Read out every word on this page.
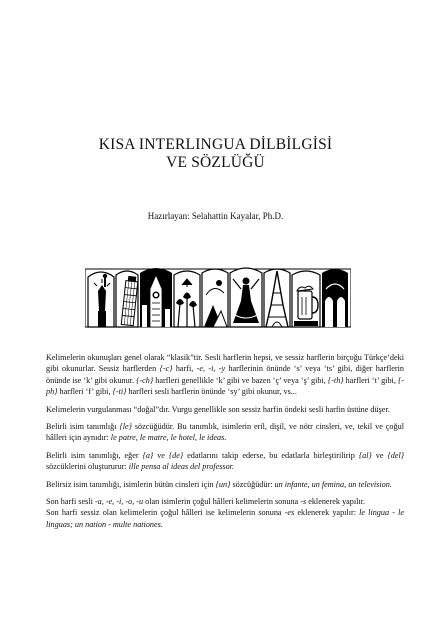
KISA INTERLINGUA DİLBİLGİSİ
VE SÖZLÜĞÜ
Hazırlayan: Selahattin Kayalar, Ph.D.

Kelimelerin okunuşları genel olarak “klasik”tir. Sesli harflerin hepsi, ve sessiz harflerin birçoğu Türkçe’deki gibi okunurlar. Sessiz harflerden {-c} harfi, -e, -i, -y harflerinin önünde ‘s’ veya ‘ts’ gibi, diğer harflerin önünde ise ‘k’ gibi okunur. {-ch} harfleri genellikle ‘k’ gibi ve bazen ‘ç’ veya ‘ş’ gibi, {-th} harfleri ‘t’ gibi, {-ph} harfleri ‘f’ gibi, {-ti} harfleri sesli harflerin önünde ‘sy’ gibi okunur, vs...

Kelimelerin vurgulanması “doğal”dır. Vurgu genellikle son sessiz harfin öndeki sesli harfin üstüne düşer.

Belirli isim tanımlığı {le} sözcüğüdür. Bu tanımlık, isimlerin eril, dişil, ve nötr cinsleri, ve, tekil ve çoğul hâlleri için aynıdır: le patre, le matre, le hotel, le ideas.

Belirli isim tanımlığı, eğer {a} ve {de} edatlarını takip ederse, bu edatlarla birleştirilirip {al} ve {del} sözcüklerini oluştururur: ille pensa al ideas del professor.

Belirsiz isim tanımlığı, isimlerin bütün cinsleri için {un} sözcüğüdür: un infante, un femina, un television.

Son harfi sesli -a, -e, -i, -o, -u olan isimlerin çoğul hâlleri kelimelerin sonuna -s eklenerek yapılır.

Son harfi sessiz olan kelimelerin çoğul hâlleri ise kelimelerin sonuna -es eklenerek yapılır: le lingua - le linguas; un nation - multe nationes.
